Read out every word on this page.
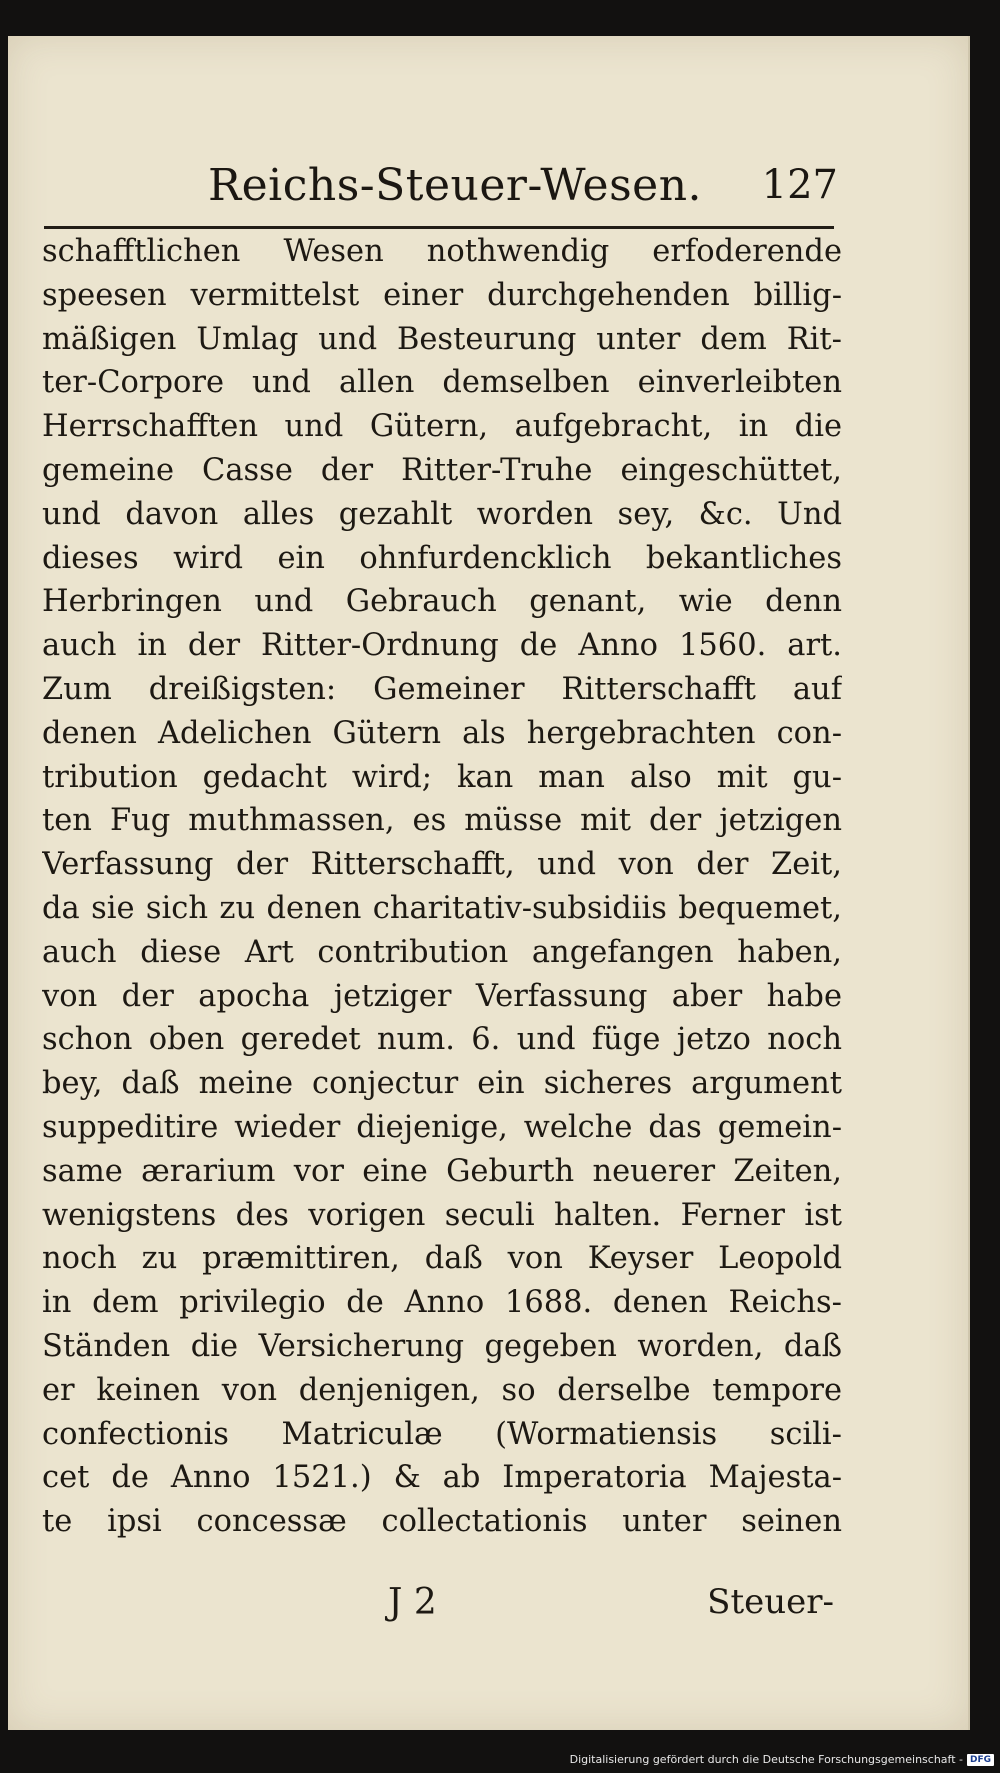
Reichs-Steuer-Wesen. 127
schafftlichen Wesen nothwendig erfoderende
speesen vermittelst einer durchgehenden billig-
mäßigen Umlag und Besteurung unter dem Rit-
ter-Corpore und allen demselben einverleibten
Herrschafften und Gütern, aufgebracht, in die
gemeine Casse der Ritter-Truhe eingeschüttet,
und davon alles gezahlt worden sey, &c. Und
dieses wird ein ohnfurdencklich bekantliches
Herbringen und Gebrauch genant, wie denn
auch in der Ritter-Ordnung de Anno 1560. art.
Zum dreißigsten: Gemeiner Ritterschafft auf
denen Adelichen Gütern als hergebrachten con-
tribution gedacht wird; kan man also mit gu-
ten Fug muthmassen, es müsse mit der jetzigen
Verfassung der Ritterschafft, und von der Zeit,
da sie sich zu denen charitativ-subsidiis bequemet,
auch diese Art contribution angefangen haben,
von der apocha jetziger Verfassung aber habe
schon oben geredet num. 6. und füge jetzo noch
bey, daß meine conjectur ein sicheres argument
suppeditire wieder diejenige, welche das gemein-
same ærarium vor eine Geburth neuerer Zeiten,
wenigstens des vorigen seculi halten. Ferner ist
noch zu præmittiren, daß von Keyser Leopold
in dem privilegio de Anno 1688. denen Reichs-
Ständen die Versicherung gegeben worden, daß
er keinen von denjenigen, so derselbe tempore
confectionis Matriculæ (Wormatiensis scili-
cet de Anno 1521.) & ab Imperatoria Majesta-
te ipsi concessæ collectationis unter seinen
J 2	Steuer-
Digitalisierung gefördert durch die Deutsche Forschungsgemeinschaft - DFG
